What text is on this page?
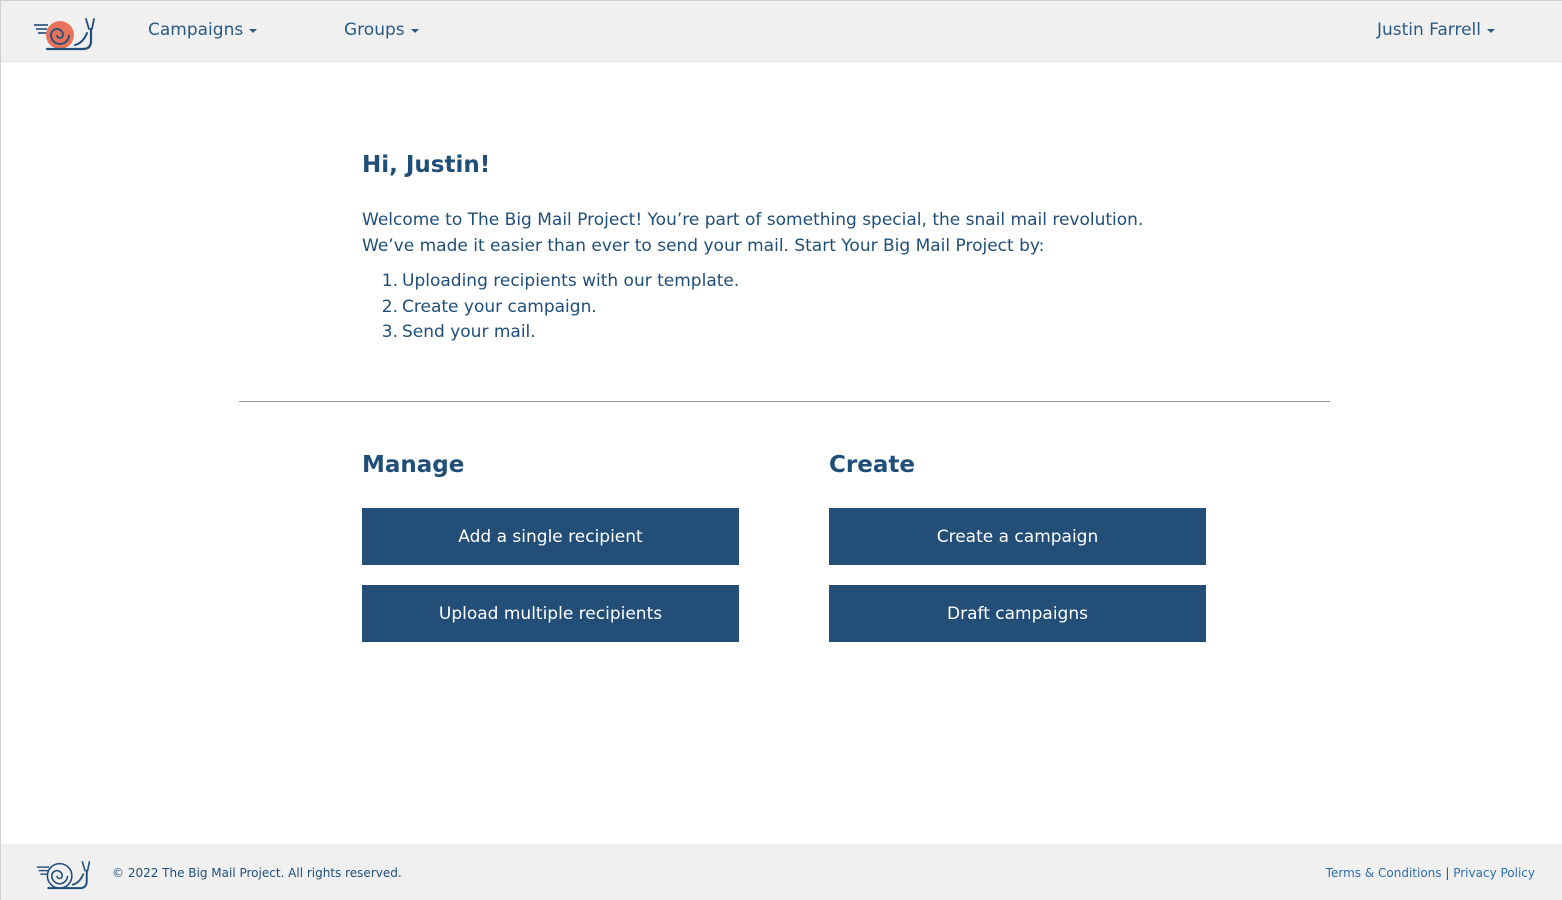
Campaigns	Groups	Justin Farrell
Hi, Justin!
Welcome to The Big Mail Project! You’re part of something special, the snail mail revolution.
We’ve made it easier than ever to send your mail. Start Your Big Mail Project by:
1. Uploading recipients with our template.
2. Create your campaign.
3. Send your mail.
Manage	Create
Add a single recipient
Upload multiple recipients
Create a campaign
Draft campaigns
© 2022 The Big Mail Project. All rights reserved.	Terms & Conditions | Privacy Policy
